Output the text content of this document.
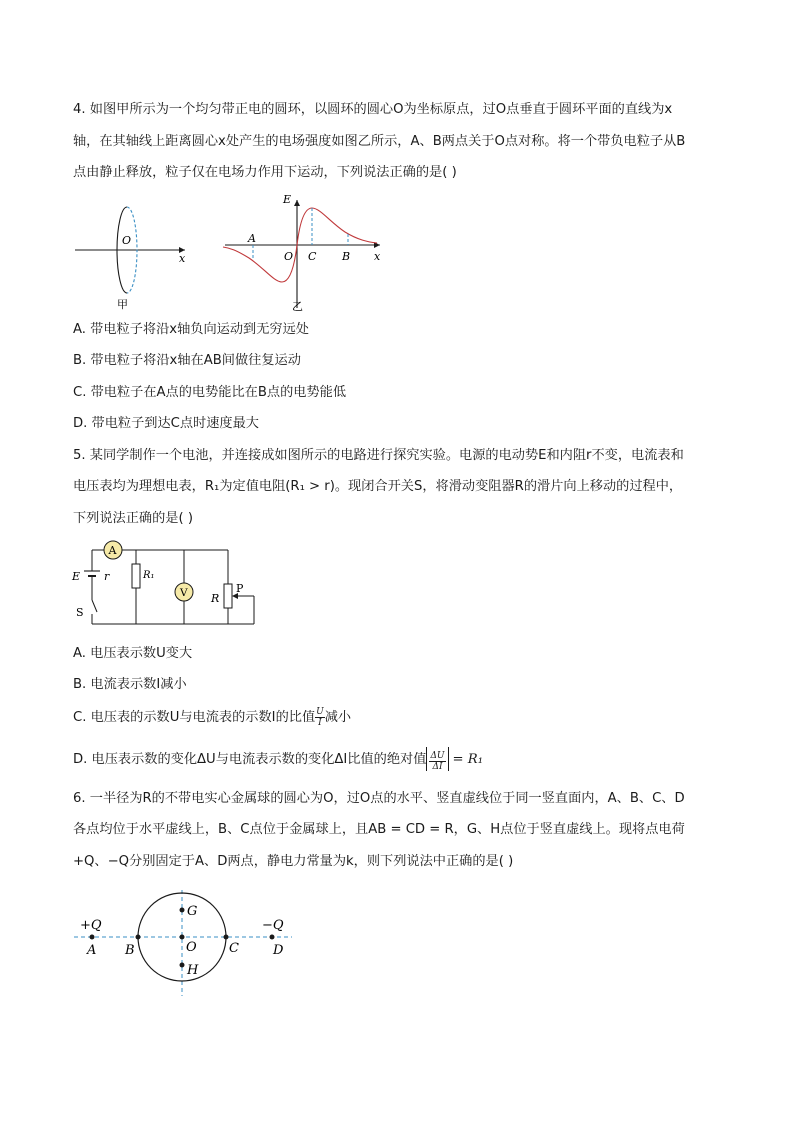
4. 如图甲所示为一个均匀带正电的圆环，以圆环的圆心O为坐标原点，过O点垂直于圆环平面的直线为x
轴，在其轴线上距离圆心x处产生的电场强度如图乙所示，A、B两点关于O点对称。将一个带负电粒子从B
点由静止释放，粒子仅在电场力作用下运动，下列说法正确的是( )
O
x
甲
E
A
O C B x
乙
A. 带电粒子将沿x轴负向运动到无穷远处
B. 带电粒子将沿x轴在AB间做往复运动
C. 带电粒子在A点的电势能比在B点的电势能低
D. 带电粒子到达C点时速度最大
5. 某同学制作一个电池，并连接成如图所示的电路进行探究实验。电源的电动势E和内阻r不变，电流表和
电压表均为理想电表，R₁为定值电阻(R₁ > r)。现闭合开关S，将滑动变阻器R的滑片向上移动的过程中，
下列说法正确的是( )
A
E r
S
R₁
V	P
R
A. 电压表示数U变大
B. 电流表示数I减小
C. 电压表的示数U与电流表的示数I的比值 $\frac{U}{I}$ 减小
D. 电压表示数的变化ΔU与电流表示数的变化ΔI比值的绝对值 $\frac{\Delta U}{\Delta I} = R_1$
6. 一半径为R的不带电实心金属球的圆心为O，过O点的水平、竖直虚线位于同一竖直面内，A、B、C、D
各点均位于水平虚线上，B、C点位于金属球上，且AB = CD = R，G、H点位于竖直虚线上。现将点电荷
+Q、−Q分别固定于A、D两点，静电力常量为k，则下列说法中正确的是( )
+Q	−Q
A B	O C	D
G
H
